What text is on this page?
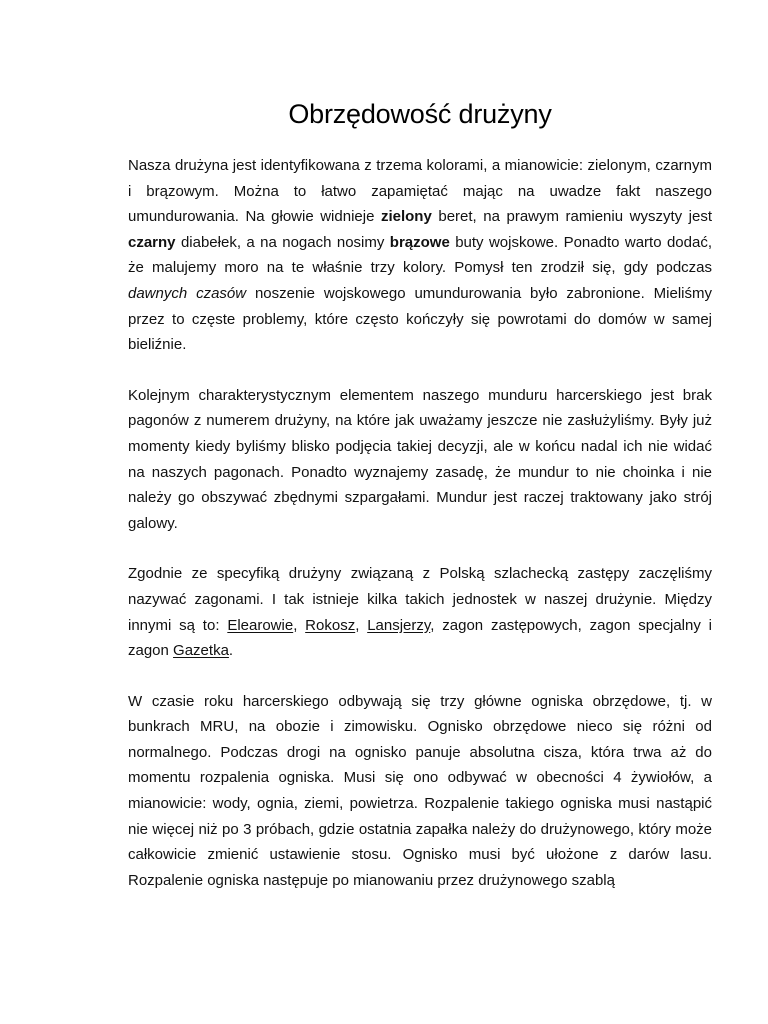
Obrzędowość drużyny

Nasza drużyna jest identyfikowana z trzema kolorami, a mianowicie: zielonym, czarnym i brązowym. Można to łatwo zapamiętać mając na uwadze fakt naszego umundurowania. Na głowie widnieje zielony beret, na prawym ramieniu wyszyty jest czarny diabełek, a na nogach nosimy brązowe buty wojskowe. Ponadto warto dodać, że malujemy moro na te właśnie trzy kolory. Pomysł ten zrodził się, gdy podczas dawnych czasów noszenie wojskowego umundurowania było zabronione. Mieliśmy przez to częste problemy, które często kończyły się powrotami do domów w samej bieliźnie.

Kolejnym charakterystycznym elementem naszego munduru harcerskiego jest brak pagonów z numerem drużyny, na które jak uważamy jeszcze nie zasłużyliśmy. Były już momenty kiedy byliśmy blisko podjęcia takiej decyzji, ale w końcu nadal ich nie widać na naszych pagonach. Ponadto wyznajemy zasadę, że mundur to nie choinka i nie należy go obszywać zbędnymi szpargałami. Mundur jest raczej traktowany jako strój galowy.

Zgodnie ze specyfiką drużyny związaną z Polską szlachecką zastępy zaczęliśmy nazywać zagonami. I tak istnieje kilka takich jednostek w naszej drużynie. Między innymi są to: Elearowie, Rokosz, Lansjerzy, zagon zastępowych, zagon specjalny i zagon Gazetka.

W czasie roku harcerskiego odbywają się trzy główne ogniska obrzędowe, tj. w bunkrach MRU, na obozie i zimowisku. Ognisko obrzędowe nieco się różni od normalnego. Podczas drogi na ognisko panuje absolutna cisza, która trwa aż do momentu rozpalenia ogniska. Musi się ono odbywać w obecności 4 żywiołów, a mianowicie: wody, ognia, ziemi, powietrza. Rozpalenie takiego ogniska musi nastąpić nie więcej niż po 3 próbach, gdzie ostatnia zapałka należy do drużynowego, który może całkowicie zmienić ustawienie stosu. Ognisko musi być ułożone z darów lasu. Rozpalenie ogniska następuje po mianowaniu przez drużynowego szablą
